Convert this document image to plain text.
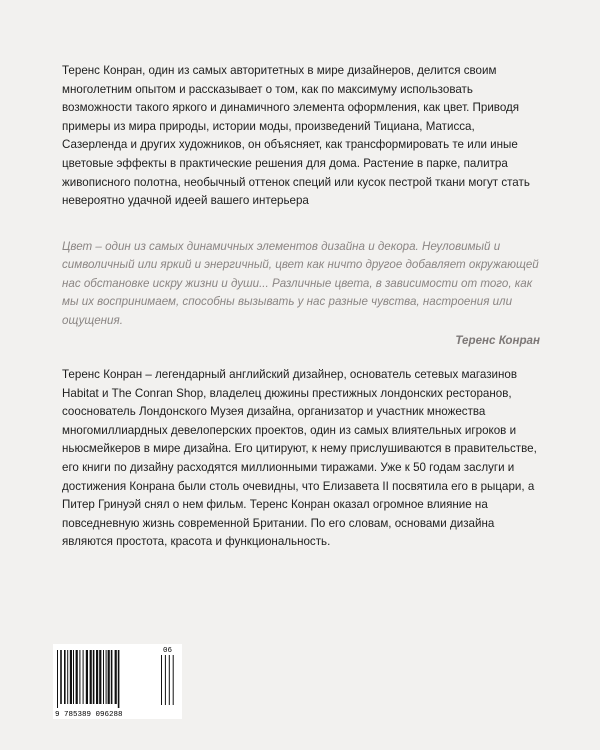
Теренс Конран, один из самых авторитетных в мире дизайнеров, делится своим многолетним опытом и рассказывает о том, как по максимуму использовать возможности такого яркого и динамичного элемента оформления, как цвет. Приводя примеры из мира природы, истории моды, произведений Тициана, Матисса, Сазерленда и других художников, он объясняет, как трансформировать те или иные цветовые эффекты в практические решения для дома. Растение в парке, палитра живописного полотна, необычный оттенок специй или кусок пестрой ткани могут стать невероятно удачной идеей вашего интерьера

Цвет – один из самых динамичных элементов дизайна и декора. Неуловимый и символичный или яркий и энергичный, цвет как ничто другое добавляет окружающей нас обстановке искру жизни и души... Различные цвета, в зависимости от того, как мы их воспринимаем, способны вызывать у нас разные чувства, настроения или ощущения.

Теренс Конран

Теренс Конран – легендарный английский дизайнер, основатель сетевых магазинов Habitat и The Conran Shop, владелец дюжины престижных лондонских ресторанов, сооснователь Лондонского Музея дизайна, организатор и участник множества многомиллиардных девелоперских проектов, один из самых влиятельных игроков и ньюсмейкеров в мире дизайна. Его цитируют, к нему прислушиваются в правительстве, его книги по дизайну расходятся миллионными тиражами. Уже к 50 годам заслуги и достижения Конрана были столь очевидны, что Елизавета II посвятила его в рыцари, а Питер Гринуэй снял о нем фильм. Теренс Конран оказал огромное влияние на повседневную жизнь современной Британии. По его словам, основами дизайна являются простота, красота и функциональность.

9 785389 096288
06
